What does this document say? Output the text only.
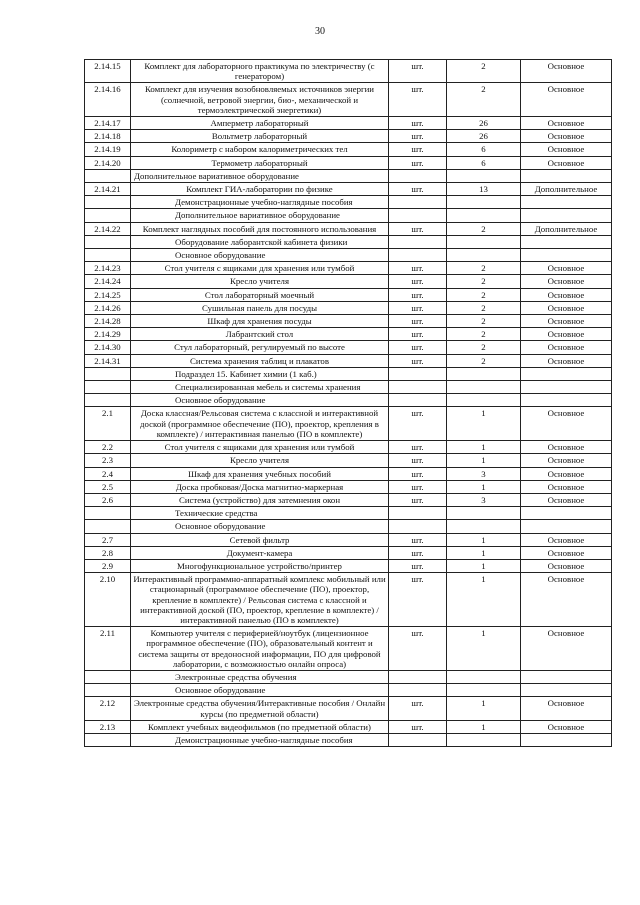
30
2.14.15	Комплект для лабораторного практикума по электричеству (с генератором)	шт.	2	Основное
2.14.16	Комплект для изучения возобновляемых источников энергии (солнечной, ветровой энергии, био-, механической и термоэлектрической энергетики)	шт.	2	Основное
2.14.17	Амперметр лабораторный	шт.	26	Основное
2.14.18	Вольтметр лабораторный	шт.	26	Основное
2.14.19	Колориметр с набором калориметрических тел	шт.	6	Основное
2.14.20	Термометр лабораторный	шт.	6	Основное
	Дополнительное вариативное оборудование			
2.14.21	Комплект ГИА-лаборатории по физике	шт.	13	Дополнительное
	Демонстрационные учебно-наглядные пособия			
	Дополнительное вариативное оборудование			
2.14.22	Комплект наглядных пособий для постоянного использования	шт.	2	Дополнительное
	Оборудование лаборантской кабинета физики			
	Основное оборудование			
2.14.23	Стол учителя с ящиками для хранения или тумбой	шт.	2	Основное
2.14.24	Кресло учителя	шт.	2	Основное
2.14.25	Стол лабораторный моечный	шт.	2	Основное
2.14.26	Сушильная панель для посуды	шт.	2	Основное
2.14.28	Шкаф для хранения посуды	шт.	2	Основное
2.14.29	Лабрантский стол	шт.	2	Основное
2.14.30	Стул лабораторный, регулируемый по высоте	шт.	2	Основное
2.14.31	Система хранения таблиц и плакатов	шт.	2	Основное
	Подраздел 15. Кабинет химии (1 каб.)			
	Специализированная мебель и системы хранения			
	Основное оборудование			
2.1	Доска классная/Рельсовая система с классной и интерактивной доской (программное обеспечение (ПО), проектор, крепления в комплекте) / интерактивная панелью (ПО в комплекте)	шт.	1	Основное
2.2	Стол учителя с ящиками для хранения или тумбой	шт.	1	Основное
2.3	Кресло учителя	шт.	1	Основное
2.4	Шкаф для хранения учебных пособий	шт.	3	Основное
2.5	Доска пробковая/Доска магнитно-маркерная	шт.	1	Основное
2.6	Система (устройство) для затемнения окон	шт.	3	Основное
	Технические средства			
	Основное оборудование			
2.7	Сетевой фильтр	шт.	1	Основное
2.8	Документ-камера	шт.	1	Основное
2.9	Многофункциональное устройство/принтер	шт.	1	Основное
2.10	Интерактивный программно-аппаратный комплекс мобильный или стационарный (программное обеспечение (ПО), проектор, крепление в комплекте) / Рельсовая система с классной и интерактивной доской (ПО, проектор, крепление в комплекте) / интерактивной панелью (ПО в комплекте)	шт.	1	Основное
2.11	Компьютер учителя с периферией/ноутбук (лицензионное программное обеспечение (ПО), образовательный контент и система защиты от вредоносной информации, ПО для цифровой лаборатории, с возможностью онлайн опроса)	шт.	1	Основное
	Электронные средства обучения			
	Основное оборудование			
2.12	Электронные средства обучения/Интерактивные пособия / Онлайн курсы (по предметной области)	шт.	1	Основное
2.13	Комплект учебных видеофильмов (по предметной области)	шт.	1	Основное
	Демонстрационные учебно-наглядные пособия			
